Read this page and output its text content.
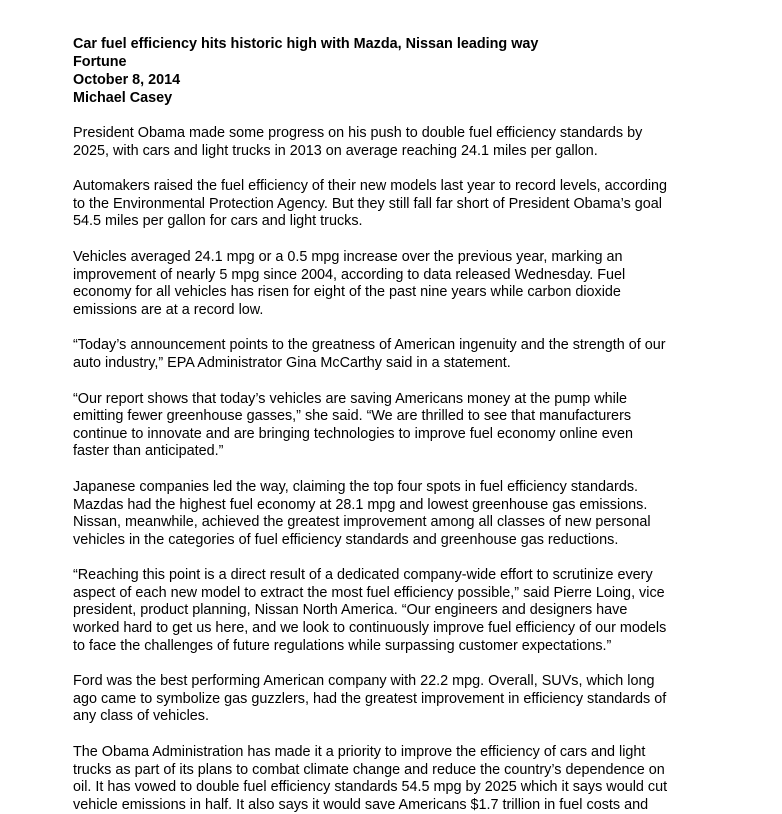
Car fuel efficiency hits historic high with Mazda, Nissan leading way
Fortune
October 8, 2014
Michael Casey

President Obama made some progress on his push to double fuel efficiency standards by
2025, with cars and light trucks in 2013 on average reaching 24.1 miles per gallon.

Automakers raised the fuel efficiency of their new models last year to record levels, according
to the Environmental Protection Agency. But they still fall far short of President Obama’s goal
54.5 miles per gallon for cars and light trucks.

Vehicles averaged 24.1 mpg or a 0.5 mpg increase over the previous year, marking an
improvement of nearly 5 mpg since 2004, according to data released Wednesday. Fuel
economy for all vehicles has risen for eight of the past nine years while carbon dioxide
emissions are at a record low.

“Today’s announcement points to the greatness of American ingenuity and the strength of our
auto industry,” EPA Administrator Gina McCarthy said in a statement.

“Our report shows that today’s vehicles are saving Americans money at the pump while
emitting fewer greenhouse gasses,” she said. “We are thrilled to see that manufacturers
continue to innovate and are bringing technologies to improve fuel economy online even
faster than anticipated.”

Japanese companies led the way, claiming the top four spots in fuel efficiency standards.
Mazdas had the highest fuel economy at 28.1 mpg and lowest greenhouse gas emissions.
Nissan, meanwhile, achieved the greatest improvement among all classes of new personal
vehicles in the categories of fuel efficiency standards and greenhouse gas reductions.

“Reaching this point is a direct result of a dedicated company-wide effort to scrutinize every
aspect of each new model to extract the most fuel efficiency possible,” said Pierre Loing, vice
president, product planning, Nissan North America. “Our engineers and designers have
worked hard to get us here, and we look to continuously improve fuel efficiency of our models
to face the challenges of future regulations while surpassing customer expectations.”

Ford was the best performing American company with 22.2 mpg. Overall, SUVs, which long
ago came to symbolize gas guzzlers, had the greatest improvement in efficiency standards of
any class of vehicles.

The Obama Administration has made it a priority to improve the efficiency of cars and light
trucks as part of its plans to combat climate change and reduce the country’s dependence on
oil. It has vowed to double fuel efficiency standards 54.5 mpg by 2025 which it says would cut
vehicle emissions in half. It also says it would save Americans $1.7 trillion in fuel costs and
